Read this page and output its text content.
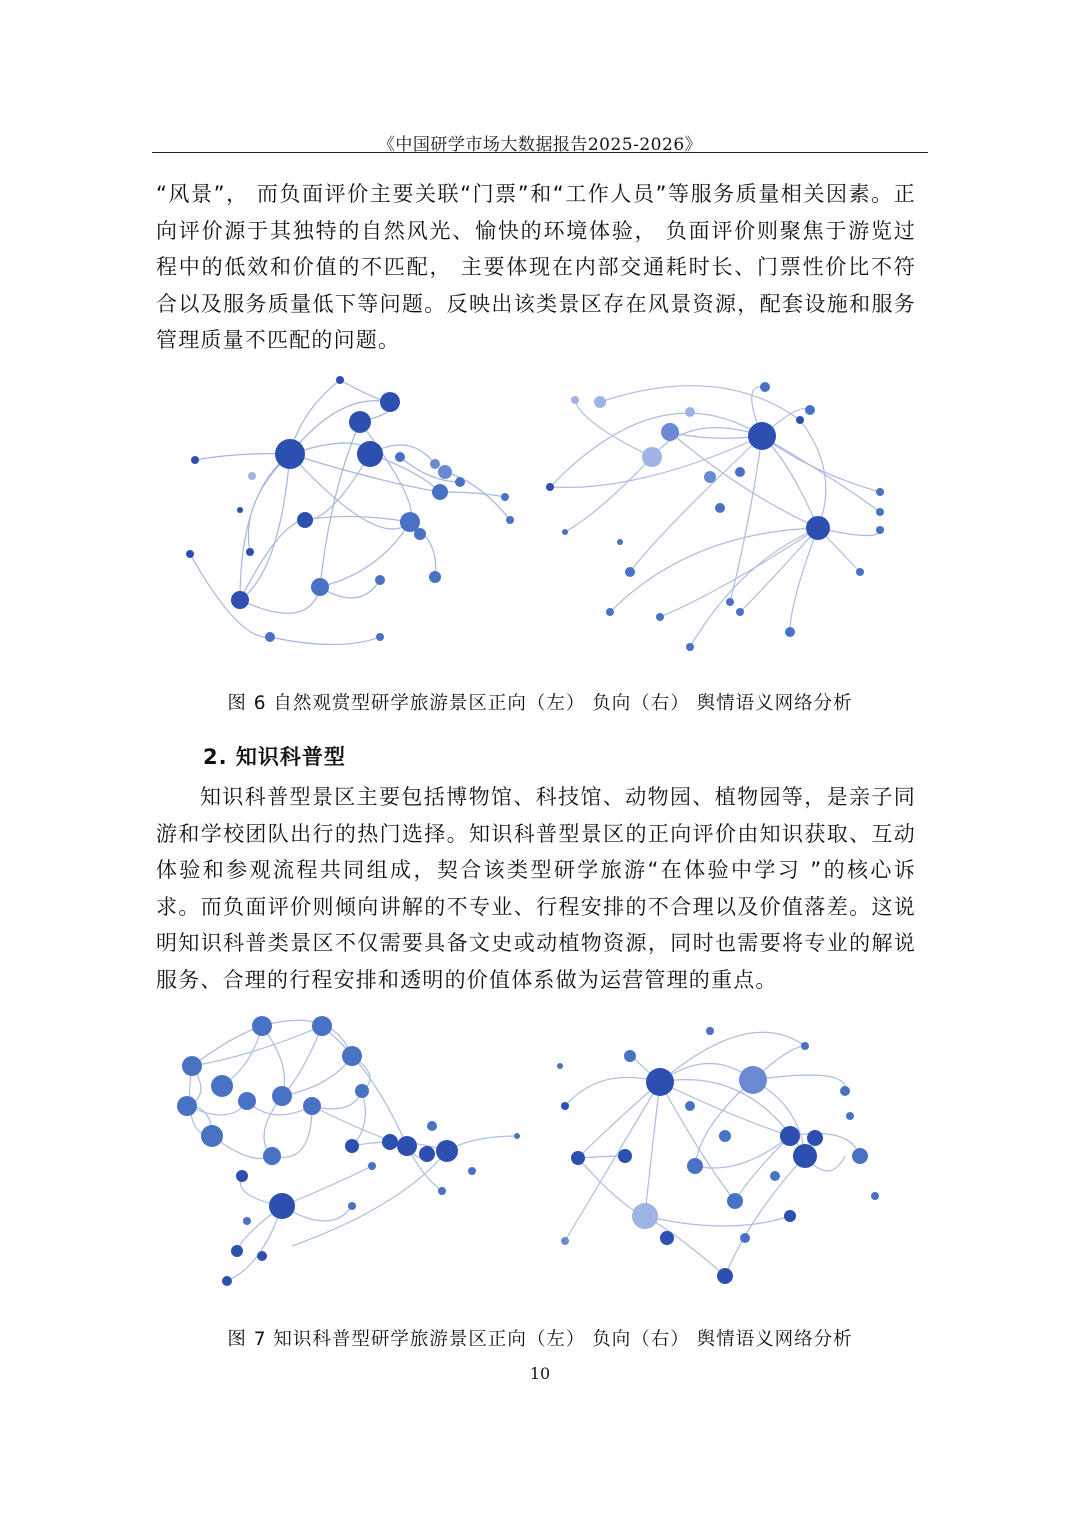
《中国研学市场大数据报告2025-2026》
“风景”， 而负面评价主要关联“门票”和“工作人员”等服务质量相关因素。正向评价源于其独特的自然风光、愉快的环境体验， 负面评价则聚焦于游览过程中的低效和价值的不匹配， 主要体现在内部交通耗时长、门票性价比不符合以及服务质量低下等问题。反映出该类景区存在风景资源，配套设施和服务管理质量不匹配的问题。
图 6 自然观赏型研学旅游景区正向（左） 负向（右） 舆情语义网络分析
2. 知识科普型
知识科普型景区主要包括博物馆、科技馆、动物园、植物园等，是亲子同游和学校团队出行的热门选择。知识科普型景区的正向评价由知识获取、互动体验和参观流程共同组成，契合该类型研学旅游“在体验中学习 ”的核心诉求。而负面评价则倾向讲解的不专业、行程安排的不合理以及价值落差。这说明知识科普类景区不仅需要具备文史或动植物资源，同时也需要将专业的解说服务、合理的行程安排和透明的价值体系做为运营管理的重点。
图 7 知识科普型研学旅游景区正向（左） 负向（右） 舆情语义网络分析
10
